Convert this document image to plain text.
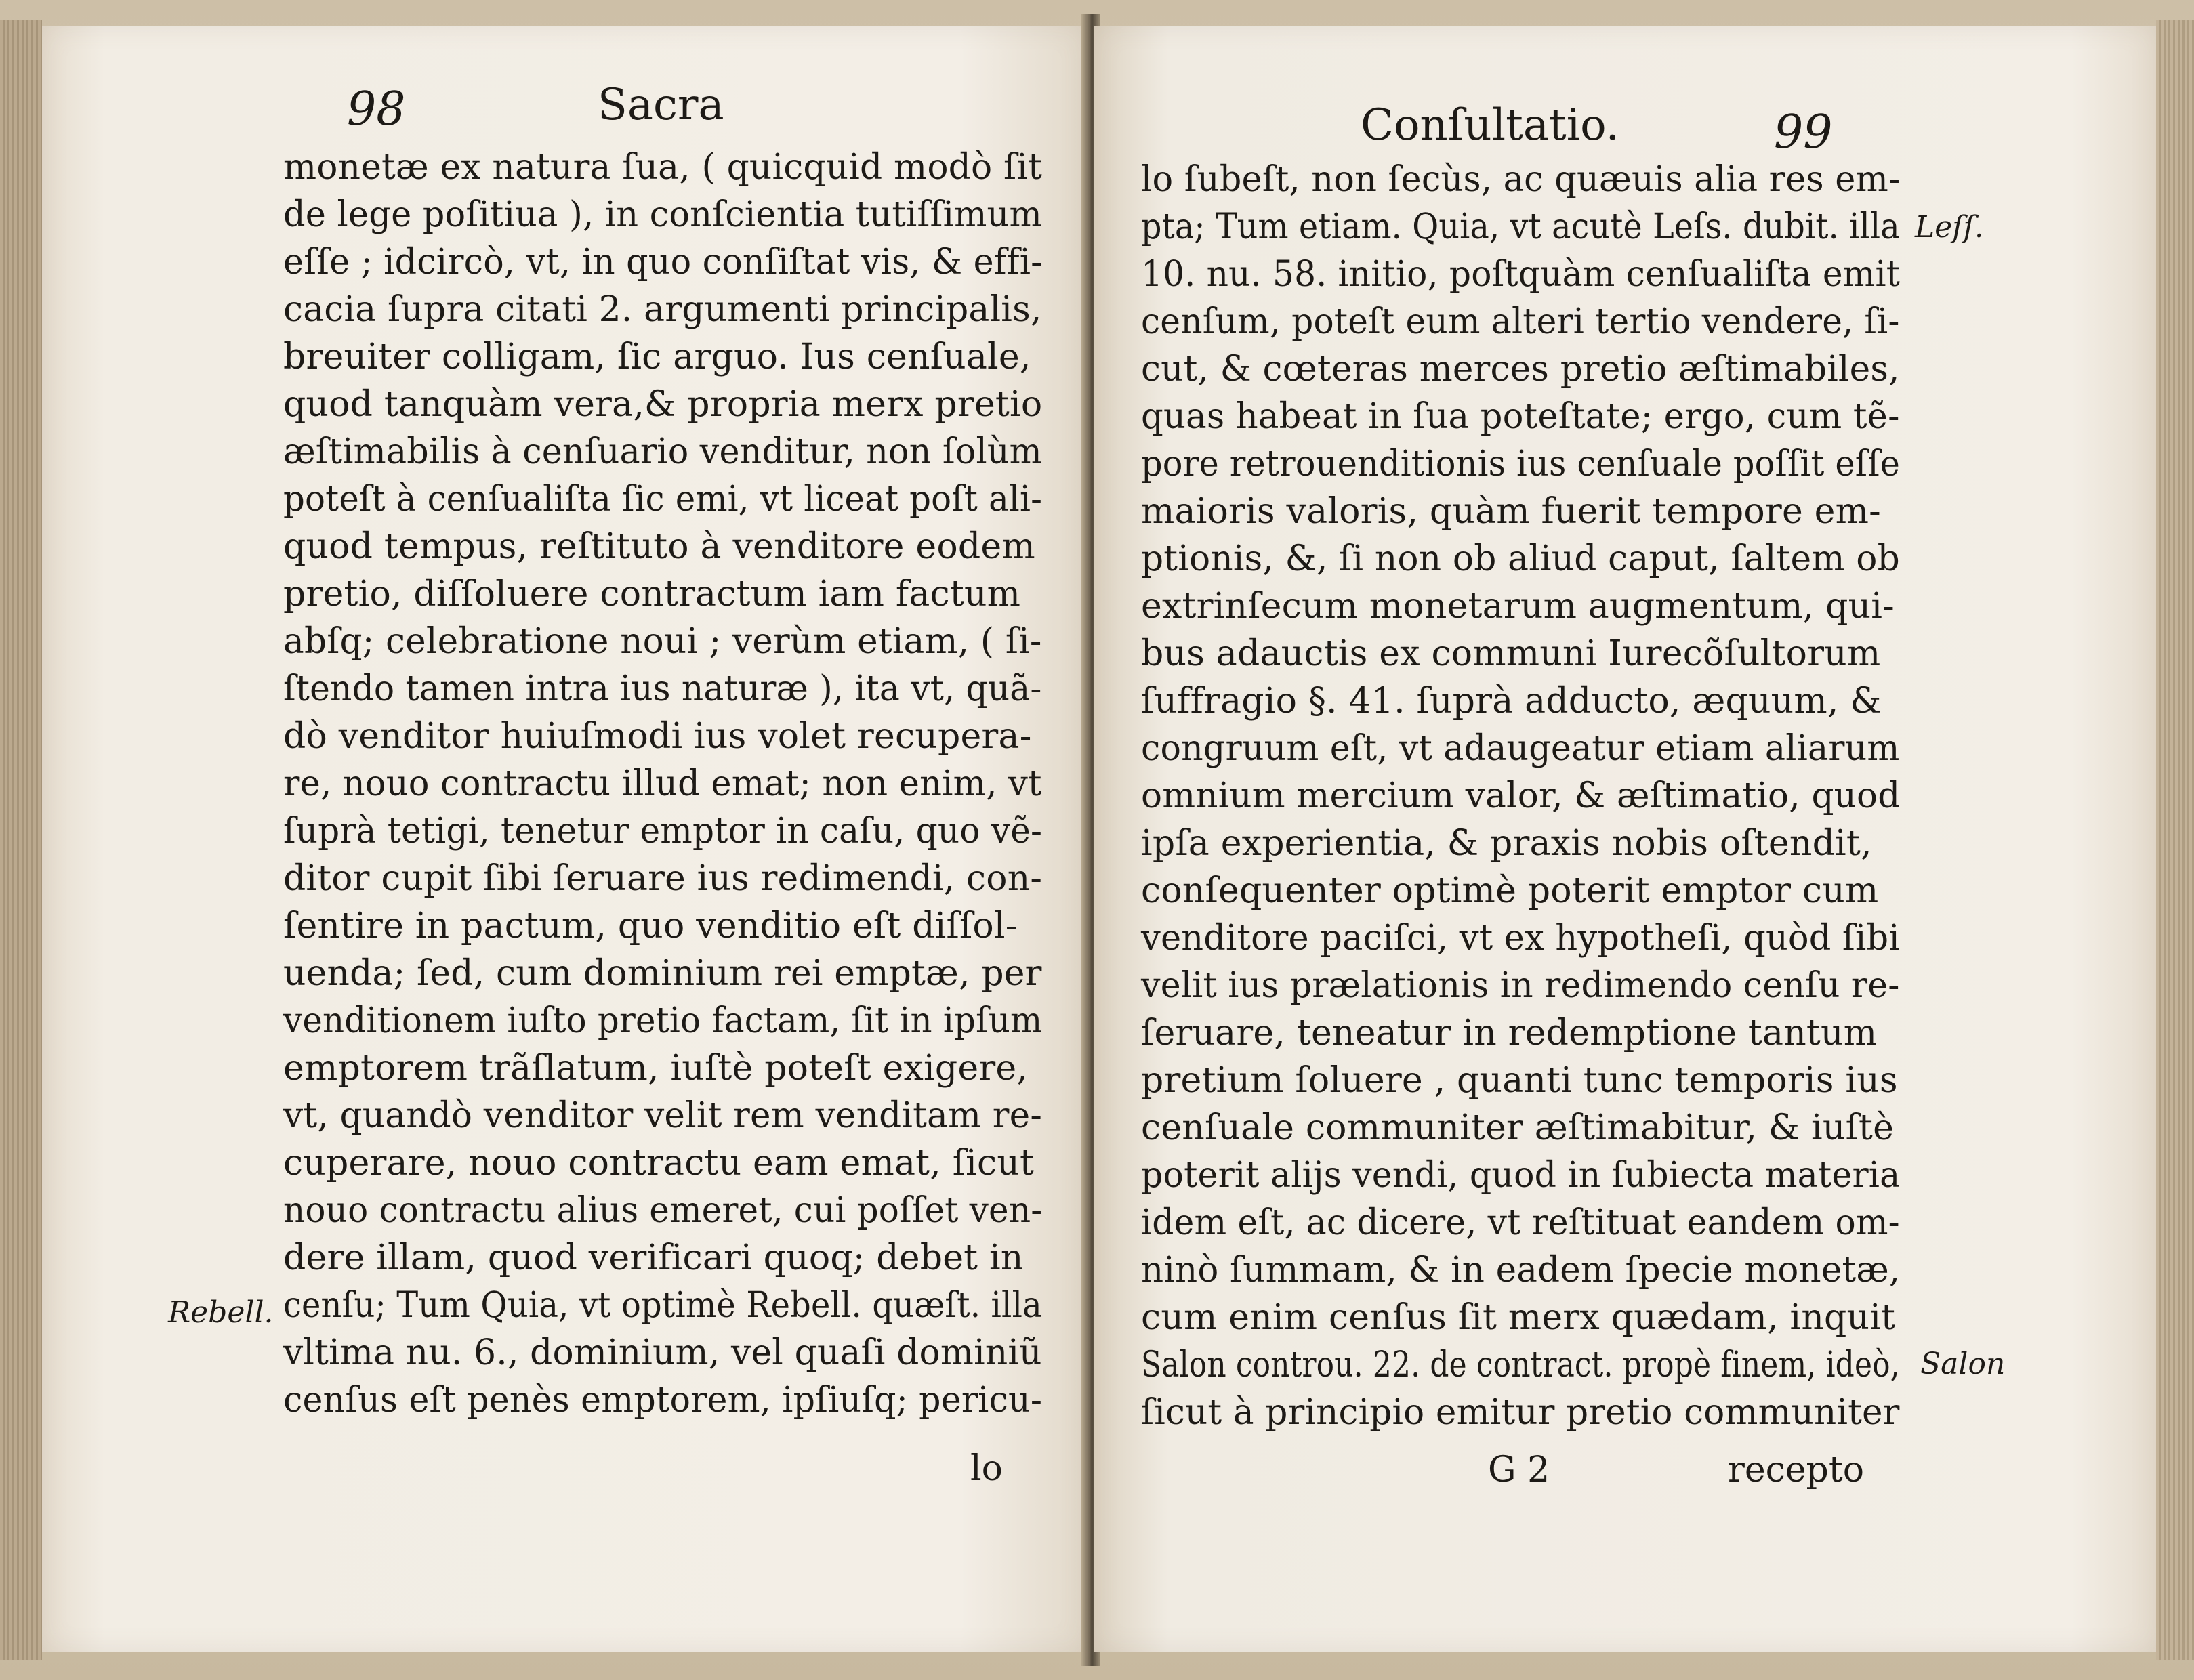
98	Sacra
monetæ ex natura ſua, ( quicquid modò ſit
de lege poſitiua ), in conſcientia tutiſſimum
eſſe ; idcircò, vt, in quo conſiſtat vis, & effi-
cacia ſupra citati 2. argumenti principalis,
breuiter colligam, ſic arguo. Ius cenſuale,
quod tanquàm vera,& propria merx pretio
æſtimabilis à cenſuario venditur, non ſolùm
poteſt à cenſualiſta ſic emi, vt liceat poſt ali-
quod tempus, reſtituto à venditore eodem
pretio, diſſoluere contractum iam factum
abſq; celebratione noui ; verùm etiam, ( ſi-
ſtendo tamen intra ius naturæ ), ita vt, quã-
dò venditor huiuſmodi ius volet recupera-
re, nouo contractu illud emat; non enim, vt
ſuprà tetigi, tenetur emptor in caſu, quo vẽ-
ditor cupit ſibi ſeruare ius redimendi, con-
ſentire in pactum, quo venditio eſt diſſol-
uenda; ſed, cum dominium rei emptæ, per
venditionem iuſto pretio factam, ſit in ipſum
emptorem trãſlatum, iuſtè poteſt exigere,
vt, quandò venditor velit rem venditam re-
cuperare, nouo contractu eam emat, ſicut
nouo contractu alius emeret, cui poſſet ven-
dere illam, quod verificari quoq; debet in
cenſu; Tum Quia, vt optimè Rebell. quæſt. illa
vltima nu. 6., dominium, vel quaſi dominiũ
cenſus eſt penès emptorem, ipſiuſq; pericu-
lo
Rebell.
Conſultatio.	99
lo ſubeſt, non ſecùs, ac quæuis alia res em-
pta; Tum etiam. Quia, vt acutè Leſs. dubit. illa
10. nu. 58. initio, poſtquàm cenſualiſta emit
cenſum, poteſt eum alteri tertio vendere, ſi-
cut, & cœteras merces pretio æſtimabiles,
quas habeat in ſua poteſtate; ergo, cum tẽ-
pore retrouenditionis ius cenſuale poſſit eſſe
maioris valoris, quàm fuerit tempore em-
ptionis, &, ſi non ob aliud caput, ſaltem ob
extrinſecum monetarum augmentum, qui-
bus adauctis ex communi Iurecõſultorum
ſuffragio §. 41. ſuprà adducto, æquum, &
congruum eſt, vt adaugeatur etiam aliarum
omnium mercium valor, & æſtimatio, quod
ipſa experientia, & praxis nobis oſtendit,
conſequenter optimè poterit emptor cum
venditore paciſci, vt ex hypotheſi, quòd ſibi
velit ius prælationis in redimendo cenſu re-
ſeruare, teneatur in redemptione tantum
pretium ſoluere , quanti tunc temporis ius
cenſuale communiter æſtimabitur, & iuſtè
poterit alijs vendi, quod in ſubiecta materia
idem eſt, ac dicere, vt reſtituat eandem om-
ninò ſummam, & in eadem ſpecie monetæ,
cum enim cenſus ſit merx quædam, inquit
Salon controu. 22. de contract. propè finem, ideò,
ſicut à principio emitur pretio communiter
G 2	recepto
Leſſ.
Salon
